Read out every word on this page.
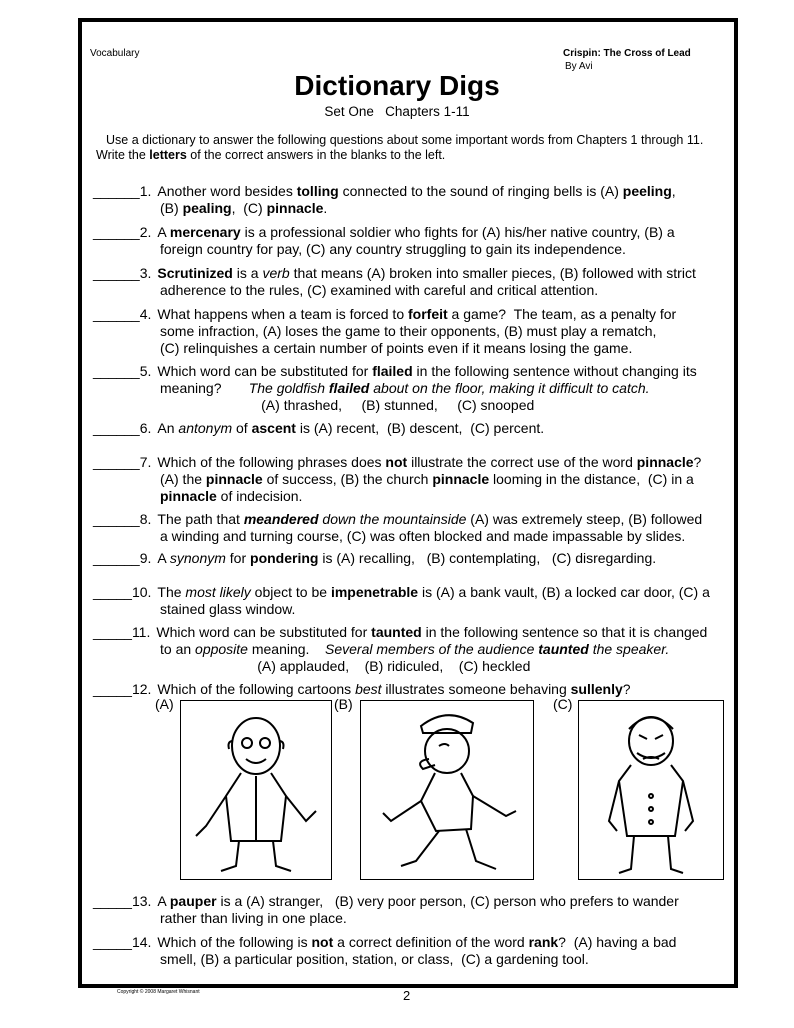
Vocabulary	Crispin: The Cross of Lead
By Avi
Dictionary Digs
Set One   Chapters 1-11
Use a dictionary to answer the following questions about some important words from Chapters 1 through 11.  Write the letters of the correct answers in the blanks to the left.
______1. Another word besides tolling connected to the sound of ringing bells is (A) peeling,
(B) pealing,  (C) pinnacle.
______2. A mercenary is a professional soldier who fights for (A) his/her native country, (B) a
foreign country for pay, (C) any country struggling to gain its independence.
______3. Scrutinized is a verb that means (A) broken into smaller pieces, (B) followed with strict
adherence to the rules, (C) examined with careful and critical attention.
______4. What happens when a team is forced to forfeit a game?  The team, as a penalty for
some infraction, (A) loses the game to their opponents, (B) must play a rematch,
(C) relinquishes a certain number of points even if it means losing the game.
______5. Which word can be substituted for flailed in the following sentence without changing its
meaning?       The goldfish flailed about on the floor, making it difficult to catch.
(A) thrashed,     (B) stunned,     (C) snooped
______6. An antonym of ascent is (A) recent,  (B) descent,  (C) percent.
______7. Which of the following phrases does not illustrate the correct use of the word pinnacle?
(A) the pinnacle of success, (B) the church pinnacle looming in the distance,  (C) in a
pinnacle of indecision.
______8. The path that meandered down the mountainside (A) was extremely steep, (B) followed
a winding and turning course, (C) was often blocked and made impassable by slides.
______9. A synonym for pondering is (A) recalling,   (B) contemplating,   (C) disregarding.
_____10. The most likely object to be impenetrable is (A) a bank vault, (B) a locked car door, (C) a
stained glass window.
_____11. Which word can be substituted for taunted in the following sentence so that it is changed
to an opposite meaning.    Several members of the audience taunted the speaker.
(A) applauded,    (B) ridiculed,    (C) heckled
_____12. Which of the following cartoons best illustrates someone behaving sullenly?
_____13. A pauper is a (A) stranger,   (B) very poor person, (C) person who prefers to wander
rather than living in one place.
_____14. Which of the following is not a correct definition of the word rank?  (A) having a bad
smell, (B) a particular position, station, or class,  (C) a gardening tool.
(A)	(B)	(C)
Copyright © 2008 Margaret Whisnant	2
